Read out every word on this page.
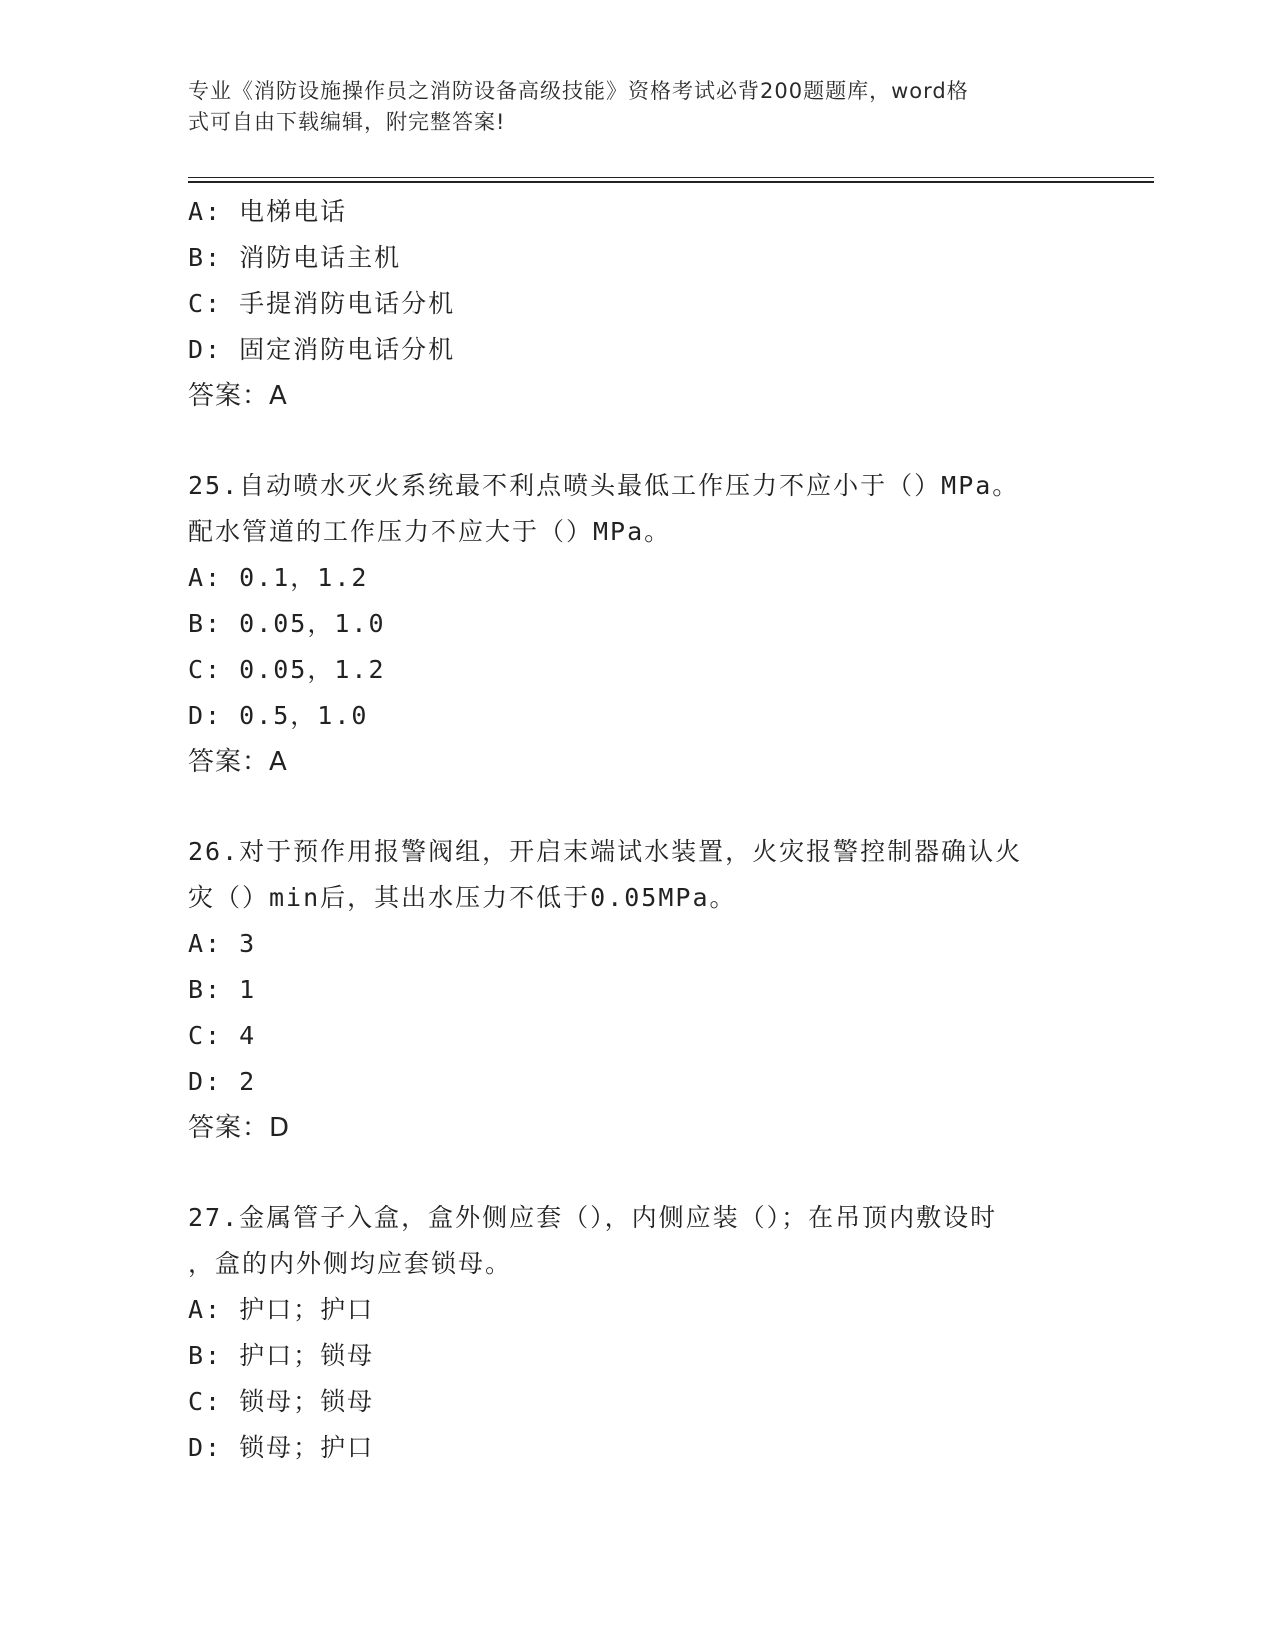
专业《消防设施操作员之消防设备高级技能》资格考试必背200题题库，word格
式可自由下载编辑，附完整答案!
A: 电梯电话
B: 消防电话主机
C: 手提消防电话分机
D: 固定消防电话分机
答案：A
25.自动喷水灭火系统最不利点喷头最低工作压力不应小于（）MPa。
配水管道的工作压力不应大于（）MPa。
A: 0.1，1.2
B: 0.05，1.0
C: 0.05，1.2
D: 0.5，1.0
答案：A
26.对于预作用报警阀组，开启末端试水装置，火灾报警控制器确认火
灾（）min后，其出水压力不低于0.05MPa。
A: 3
B: 1
C: 4
D: 2
答案：D
27.金属管子入盒，盒外侧应套（），内侧应装（）；在吊顶内敷设时
，盒的内外侧均应套锁母。
A: 护口；护口
B: 护口；锁母
C: 锁母；锁母
D: 锁母；护口
